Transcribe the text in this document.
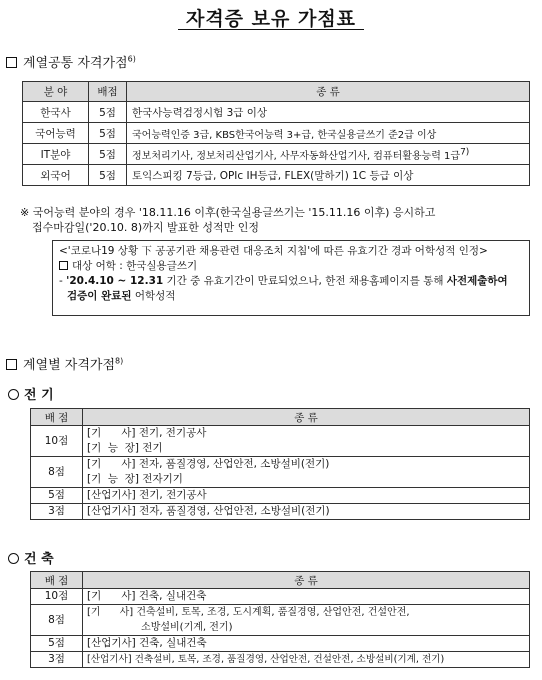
자격증 보유 가점표
계열공통 자격가점$^{6)}$
분 야	배점	종 류
한국사	5점	한국사능력검정시험 3급 이상
국어능력	5점	국어능력인증 3급, KBS한국어능력 3+급, 한국실용글쓰기 준2급 이상
IT분야	5점	정보처리기사, 정보처리산업기사, 사무자동화산업기사, 컴퓨터활용능력 1급$^{7)}$
외국어	5점	토익스피킹 7등급, OPIc IH등급, FLEX(말하기) 1C 등급 이상
※ 국어능력 분야의 경우 '18.11.16 이후(한국실용글쓰기는 '15.11.16 이후) 응시하고
접수마감일('20.10. 8)까지 발표한 성적만 인정
<'코로나19 상황 下 공공기관 채용관련 대응조치 지침'에 따른 유효기간 경과 어학성적 인정>
대상 어학 : 한국실용글쓰기
- '20.4.10 ~ 12.31 기간 중 유효기간이 만료되었으나, 한전 채용홈페이지를 통해 사전제출하여
검증이 완료된 어학성적
계열별 자격가점$^{8)}$
전 기
배 점	종 류
10점	[기      사] 전기, 전기공사
[기  능  장] 전기

8점	[기      사] 전자, 품질경영, 산업안전, 소방설비(전기)
[기  능  장] 전자기기

5점	[산업기사] 전기, 전기공사
3점	[산업기사] 전자, 품질경영, 산업안전, 소방설비(전기)
건 축
배 점	종 류
10점	[기      사] 건축, 실내건축
8점	[기      사] 건축설비, 토목, 조경, 도시계획, 품질경영, 산업안전, 건설안전,
소방설비(기계, 전기)

5점	[산업기사] 건축, 실내건축
3점	[산업기사] 건축설비, 토목, 조경, 품질경영, 산업안전, 건설안전, 소방설비(기계, 전기)
